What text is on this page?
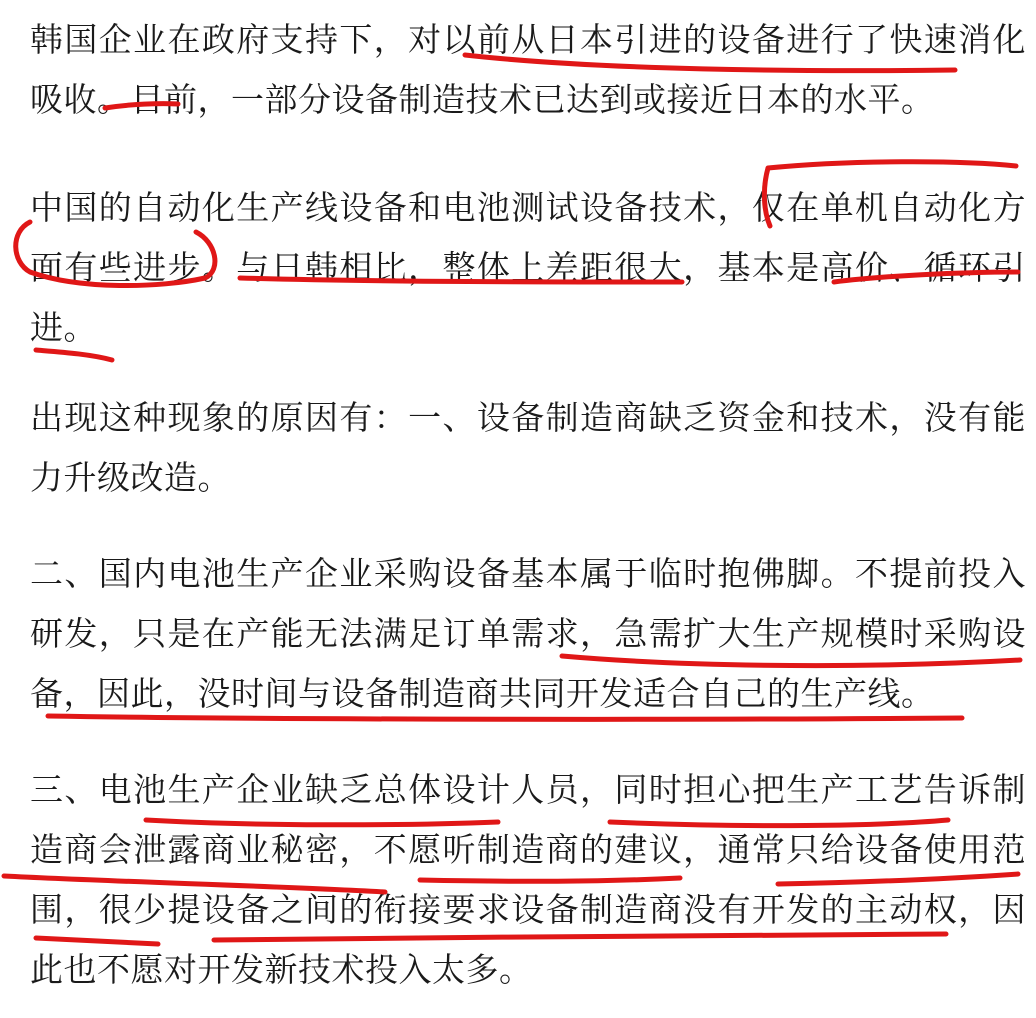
韩国企业在政府支持下，对以前从日本引进的设备进行了快速消化吸收。目前，一部分设备制造技术已达到或接近日本的水平。

中国的自动化生产线设备和电池测试设备技术，仅在单机自动化方面有些进步。与日韩相比，整体上差距很大，基本是高价、循环引进。

出现这种现象的原因有：一、设备制造商缺乏资金和技术，没有能力升级改造。

二、国内电池生产企业采购设备基本属于临时抱佛脚。不提前投入研发，只是在产能无法满足订单需求，急需扩大生产规模时采购设备，因此，没时间与设备制造商共同开发适合自己的生产线。

三、电池生产企业缺乏总体设计人员，同时担心把生产工艺告诉制造商会泄露商业秘密，不愿听制造商的建议，通常只给设备使用范围，很少提设备之间的衔接要求设备制造商没有开发的主动权，因此也不愿对开发新技术投入太多。
